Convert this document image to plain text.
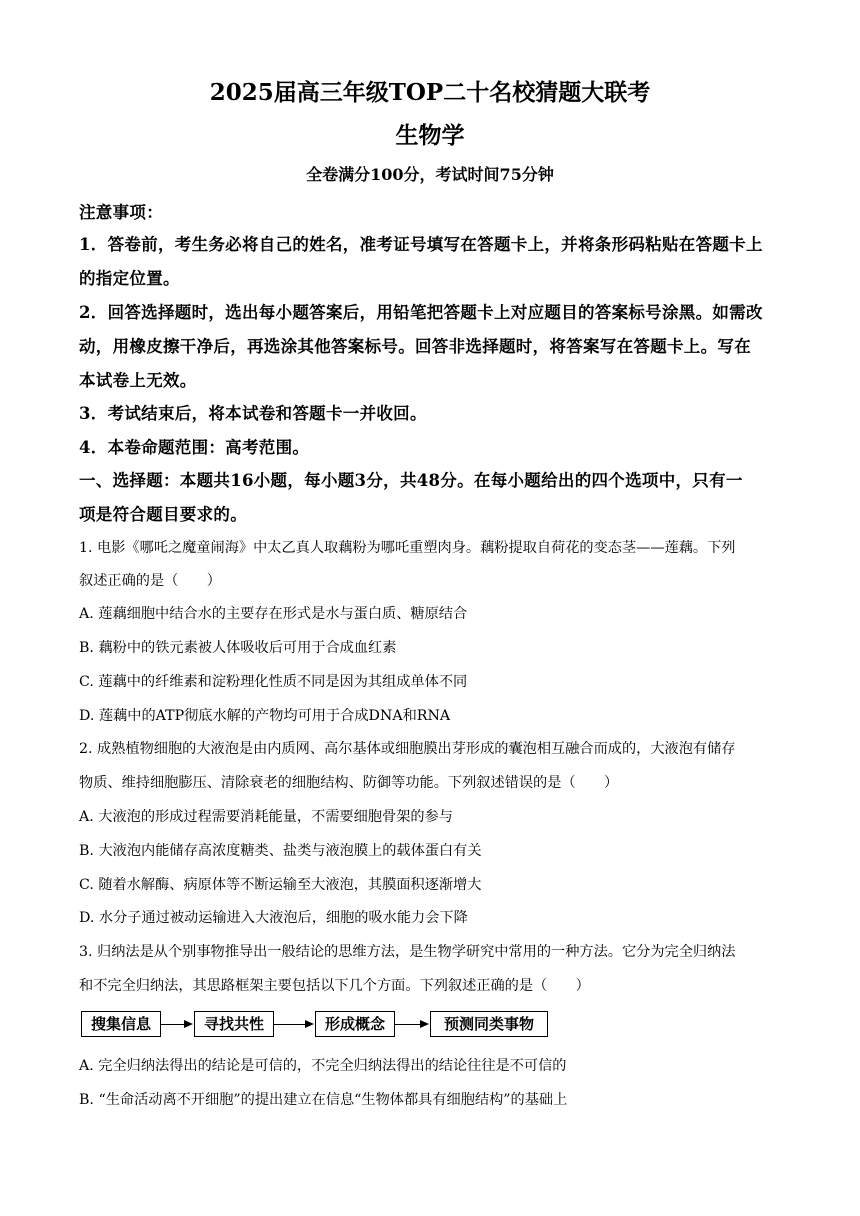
2025届高三年级TOP二十名校猜题大联考
生物学
全卷满分100分，考试时间75分钟
注意事项：
1．答卷前，考生务必将自己的姓名，准考证号填写在答题卡上，并将条形码粘贴在答题卡上
的指定位置。
2．回答选择题时，选出每小题答案后，用铅笔把答题卡上对应题目的答案标号涂黑。如需改
动，用橡皮擦干净后，再选涂其他答案标号。回答非选择题时，将答案写在答题卡上。写在
本试卷上无效。
3．考试结束后，将本试卷和答题卡一并收回。
4．本卷命题范围：高考范围。
一、选择题：本题共16小题，每小题3分，共48分。在每小题给出的四个选项中，只有一
项是符合题目要求的。
1. 电影《哪吒之魔童闹海》中太乙真人取藕粉为哪吒重塑肉身。藕粉提取自荷花的变态茎——莲藕。下列
叙述正确的是（　　）
A. 莲藕细胞中结合水的主要存在形式是水与蛋白质、糖原结合
B. 藕粉中的铁元素被人体吸收后可用于合成血红素
C. 莲藕中的纤维素和淀粉理化性质不同是因为其组成单体不同
D. 莲藕中的ATP彻底水解的产物均可用于合成DNA和RNA
2. 成熟植物细胞的大液泡是由内质网、高尔基体或细胞膜出芽形成的囊泡相互融合而成的，大液泡有储存
物质、维持细胞膨压、清除衰老的细胞结构、防御等功能。下列叙述错误的是（　　）
A. 大液泡的形成过程需要消耗能量，不需要细胞骨架的参与
B. 大液泡内能储存高浓度糖类、盐类与液泡膜上的载体蛋白有关
C. 随着水解酶、病原体等不断运输至大液泡，其膜面积逐渐增大
D. 水分子通过被动运输进入大液泡后，细胞的吸水能力会下降
3. 归纳法是从个别事物推导出一般结论的思维方法，是生物学研究中常用的一种方法。它分为完全归纳法
和不完全归纳法，其思路框架主要包括以下几个方面。下列叙述正确的是（　　）
搜集信息	寻找共性	形成概念	预测同类事物
A. 完全归纳法得出的结论是可信的，不完全归纳法得出的结论往往是不可信的
B. “生命活动离不开细胞”的提出建立在信息“生物体都具有细胞结构”的基础上
